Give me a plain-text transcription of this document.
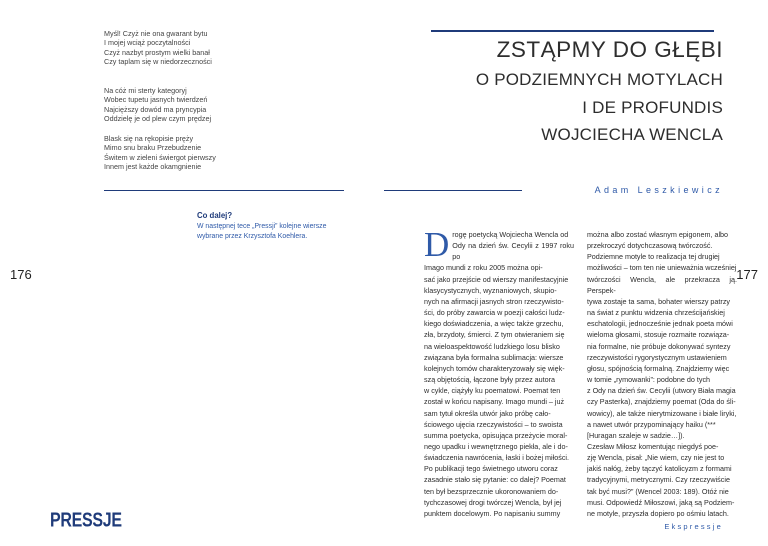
Myśl! Czyż nie ona gwarant bytu

I mojej wciąż poczytalności

Czyż nazbyt prostym wielki banał

Czy taplam się w niedorzeczności

Na cóż mi sterty kategoryj

Wobec tupetu jasnych twierdzeń

Najcięższy dowód ma pryncypia

Oddzielę je od plew czym prędzej

Blask się na rękopisie pręży

Mimo snu braku Przebudzenie

Świtem w zieleni świergot pierwszy

Innem jest każde okamgnienie

Co dalej?
W następnej tece „Pressji” kolejne wiersze
wybrane przez Krzysztofa Koehlera.
176
PRESSJE
ZSTĄPMY DO GŁĘBI
O PODZIEMNYCH MOTYLACH
I DE PROFUNDIS
WOJCIECHA WENCLA
Adam Leszkiewicz
D rogę poetycką Wojciecha Wencla od
Ody na dzień św. Cecylii z 1997 roku po
Imago mundi z roku 2005 można opi-
sać jako przejście od wierszy manifestacyjnie
klasycystycznych, wyznaniowych, skupio-
nych na afirmacji jasnych stron rzeczywisto-
ści, do próby zawarcia w poezji całości ludz-
kiego doświadczenia, a więc także grzechu,
zła, brzydoty, śmierci. Z tym otwieraniem się
na wieloaspektowość ludzkiego losu blisko
związana była formalna sublimacja: wiersze
kolejnych tomów charakteryzowały się więk-
szą objętością, łączone były przez autora
w cykle, ciążyły ku poematowi. Poemat ten
został w końcu napisany. Imago mundi – już
sam tytuł określa utwór jako próbę cało-
ściowego ujęcia rzeczywistości – to swoista
summa poetycka, opisująca przeżycie moral-
nego upadku i wewnętrznego piekła, ale i do-
świadczenia nawrócenia, łaski i bożej miłości.
Po publikacji tego świetnego utworu coraz
zasadnie stało się pytanie: co dalej? Poemat
ten był bezsprzecznie ukoronowaniem do-
tychczasowej drogi twórczej Wencla, był jej
punktem docelowym. Po napisaniu summy
można albo zostać własnym epigonem, albo
przekroczyć dotychczasową twórczość.
Podziemne motyle to realizacja tej drugiej
możliwości – tom ten nie unieważnia wcześniej
twórczości Wencla, ale przekracza ją. Perspek-
tywa zostaje ta sama, bohater wierszy patrzy
na świat z punktu widzenia chrześcijańskiej
eschatologii, jednocześnie jednak poeta mówi
wieloma głosami, stosuje rozmaite rozwiąza-
nia formalne, nie próbuje dokonywać syntezy
rzeczywistości rygorystycznym ustawieniem
głosu, spójnością formalną. Znajdziemy więc
w tomie „rymowanki”: podobne do tych
z Ody na dzień św. Cecylii (utwory Biała magia
czy Pasterka), znajdziemy poemat (Oda do śli-
wowicy), ale także nierytmizowane i białe liryki,
a nawet utwór przypominający haiku (***
[Huragan szaleje w sadzie…]).
Czesław Miłosz komentując niegdyś poe-
zję Wencla, pisał: „Nie wiem, czy nie jest to
jakiś nałóg, żeby tączyć katolicyzm z formami
tradycyjnymi, metrycznymi. Czy rzeczywiście
tak być musi?” (Wencel 2003: 189). Otóż nie
musi. Odpowiedź Miłoszowi, jaką są Podziem-
ne motyle, przyszła dopiero po ośmiu latach.
177
Ekspressje
